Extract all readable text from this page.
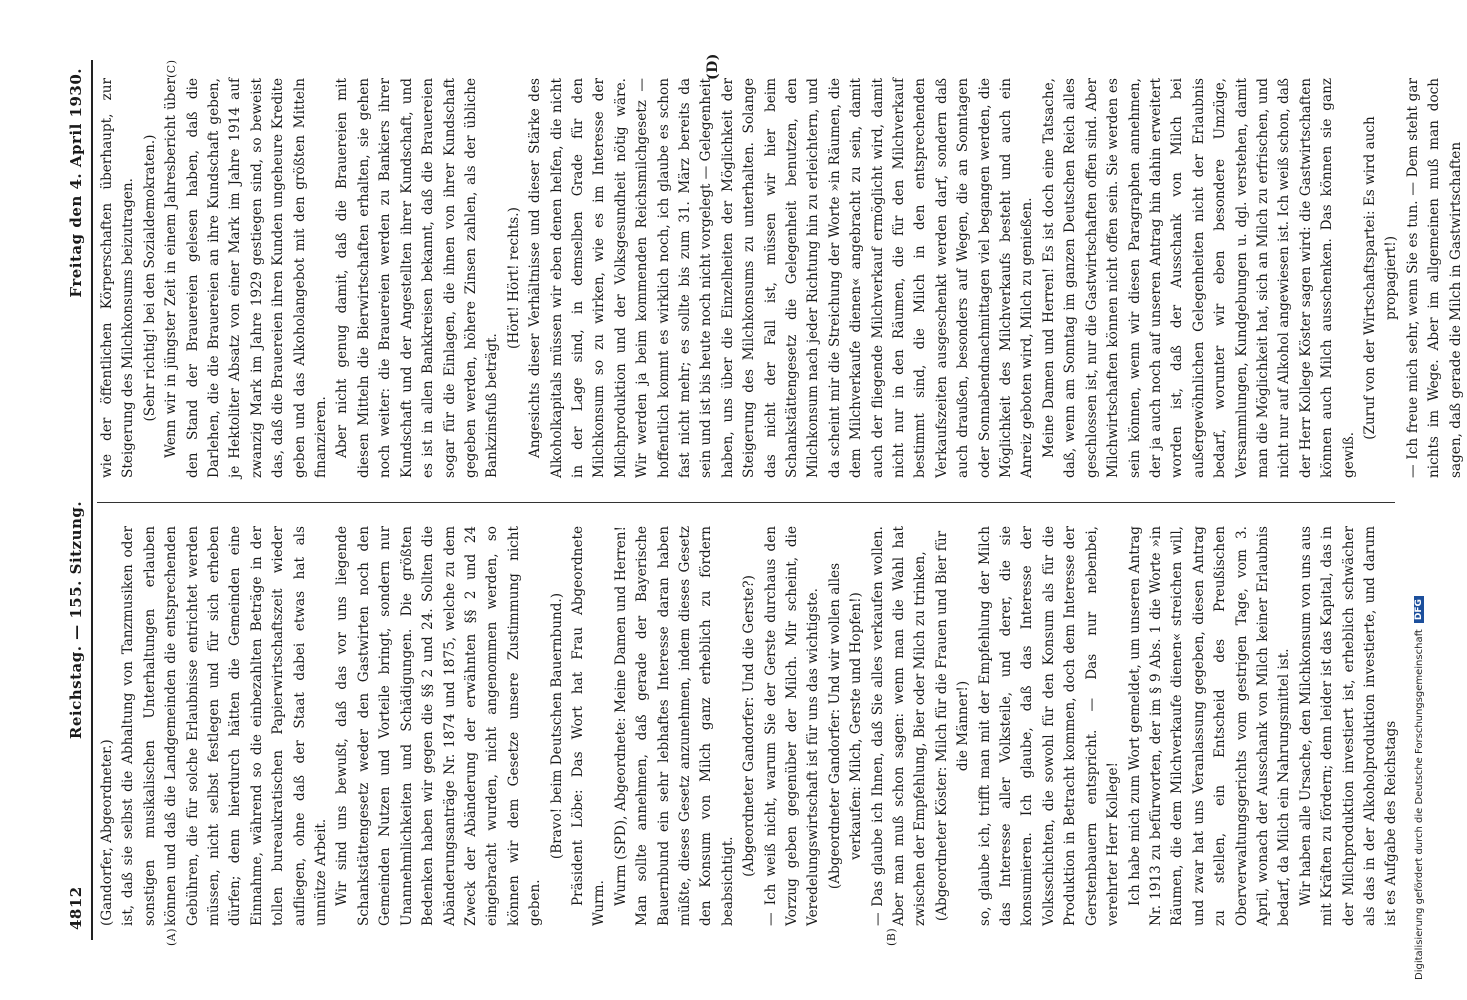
4812
Reichstag. — 155. Sitzung.
Freitag den 4. April 1930.
(A)	(B)
(C)	(D)

(Gandorfer, Abgeordneter.) ist, daß sie selbst die Abhaltung von Tanzmusiken oder sonstigen musikalischen Unterhaltungen erlauben können und daß die Landgemeinden die entsprechenden Gebühren, die für solche Erlaubnisse entrichtet werden müssen, nicht selbst festlegen und für sich erheben dürfen; denn hierdurch hätten die Gemeinden eine Einnahme, während so die einbezahlten Beträge in der tollen bureaukratischen Papierwirtschaftszeit wieder aufliegen, ohne daß der Staat dabei etwas hat als unnütze Arbeit. Wir sind uns bewußt, daß das vor uns liegende Schankstättengesetz weder den Gastwirten noch den Gemeinden Nutzen und Vorteile bringt, sondern nur Unannehmlichkeiten und Schädigungen. Die größten Bedenken haben wir gegen die §§ 2 und 24. Sollten die Abänderungsanträge Nr. 1874 und 1875, welche zu dem Zweck der Abänderung der erwähnten §§ 2 und 24 eingebracht wurden, nicht angenommen werden, so können wir dem Gesetze unsere Zustimmung nicht geben.

(Bravo! beim Deutschen Bauernbund.) Präsident Löbe: Das Wort hat Frau Abgeordnete Wurm. Wurm (SPD), Abgeordnete: Meine Damen und Herren! Man sollte annehmen, daß gerade der Bayerische Bauernbund ein sehr lebhaftes Interesse daran haben müßte, dieses Gesetz anzunehmen, indem dieses Gesetz den Konsum von Milch ganz erheblich zu fördern beabsichtigt.

(Abgeordneter Gandorfer: Und die Gerste?) — Ich weiß nicht, warum Sie der Gerste durchaus den Vorzug geben gegenüber der Milch. Mir scheint, die Veredelungswirtschaft ist für uns das wichtigste. (Abgeordneter Gandorfer: Und wir wollen alles verkaufen: Milch, Gerste und Hopfen!) — Das glaube ich Ihnen, daß Sie alles verkaufen wollen. Aber man muß schon sagen: wenn man die Wahl hat zwischen der Empfehlung, Bier oder Milch zu trinken, (Abgeordneter Köster: Milch für die Frauen und Bier für die Männer!) so, glaube ich, trifft man mit der Empfehlung der Milch das Interesse aller Volksteile, und derer, die sie konsumieren. Ich glaube, daß das Interesse der Volksschichten, die sowohl für den Konsum als für die Produktion in Betracht kommen, doch dem Interesse der Gerstenbauern entspricht. — Das nur nebenbei, verehrter Herr Kollege! Ich habe mich zum Wort gemeldet, um unseren Antrag Nr. 1913 zu befürworten, der im § 9 Abs. 1 die Worte »in Räumen, die dem Milchverkaufe dienen« streichen will, und zwar hat uns Veranlassung gegeben, diesen Antrag zu stellen, ein Entscheid des Preußischen Oberverwaltungsgerichts vom gestrigen Tage, vom 3. April, wonach der Ausschank von Milch keiner Erlaubnis bedarf, da Milch ein Nahrungsmittel ist. Wir haben alle Ursache, den Milchkonsum von uns aus mit Kräften zu fördern; denn leider ist das Kapital, das in der Milchproduktion investiert ist, erheblich schwächer als das in der Alkoholproduktion investierte, und darum ist es Aufgabe des Reichstags

wie der öffentlichen Körperschaften überhaupt, zur Steigerung des Milchkonsums beizutragen. (Sehr richtig! bei den Sozialdemokraten.) Wenn wir in jüngster Zeit in einem Jahresbericht über den Stand der Brauereien gelesen haben, daß die Darlehen, die die Brauereien an ihre Kundschaft geben, je Hektoliter Absatz von einer Mark im Jahre 1914 auf zwanzig Mark im Jahre 1929 gestiegen sind, so beweist das, daß die Brauereien ihren Kunden ungeheure Kredite geben und das Alkoholangebot mit den größten Mitteln finanzieren. Aber nicht genug damit, daß die Brauereien mit diesen Mitteln die Bierwirtschaften erhalten, sie gehen noch weiter: die Brauereien werden zu Bankiers ihrer Kundschaft und der Angestellten ihrer Kundschaft, und es ist in allen Bankkreisen bekannt, daß die Brauereien sogar für die Einlagen, die ihnen von ihrer Kundschaft gegeben werden, höhere Zinsen zahlen, als der übliche Bankzinsfuß beträgt.

(Hört! Hört! rechts.) Angesichts dieser Verhältnisse und dieser Stärke des Alkoholkapitals müssen wir eben denen helfen, die nicht in der Lage sind, in demselben Grade für den Milchkonsum so zu wirken, wie es im Interesse der Milchproduktion und der Volksgesundheit nötig wäre. Wir werden ja beim kommenden Reichsmilchgesetz — hoffentlich kommt es wirklich noch, ich glaube es schon fast nicht mehr; es sollte bis zum 31. März bereits da sein und ist bis heute noch nicht vorgelegt — Gelegenheit haben, uns über die Einzelheiten der Möglichkeit der Steigerung des Milchkonsums zu unterhalten. Solange das nicht der Fall ist, müssen wir hier beim Schankstättengesetz die Gelegenheit benutzen, den Milchkonsum nach jeder Richtung hin zu erleichtern, und da scheint mir die Streichung der Worte »in Räumen, die dem Milchverkaufe dienen« angebracht zu sein, damit auch der fliegende Milchverkauf ermöglicht wird, damit nicht nur in den Räumen, die für den Milchverkauf bestimmt sind, die Milch in den entsprechenden Verkaufszeiten ausgeschenkt werden darf, sondern daß auch draußen, besonders auf Wegen, die an Sonntagen oder Sonnabendnachmittagen viel begangen werden, die Möglichkeit des Milchverkaufs besteht und auch ein Anreiz geboten wird, Milch zu genießen. Meine Damen und Herren! Es ist doch eine Tatsache, daß, wenn am Sonntag im ganzen Deutschen Reich alles geschlossen ist, nur die Gastwirtschaften offen sind. Aber Milchwirtschaften können nicht offen sein. Sie werden es sein können, wenn wir diesen Paragraphen annehmen, der ja auch noch auf unseren Antrag hin dahin erweitert worden ist, daß der Ausschank von Milch bei außergewöhnlichen Gelegenheiten nicht der Erlaubnis bedarf, worunter wir eben besondere Umzüge, Versammlungen, Kundgebungen u. dgl. verstehen, damit man die Möglichkeit hat, sich an Milch zu erfrischen, und nicht nur auf Alkohol angewiesen ist. Ich weiß schon, daß der Herr Kollege Köster sagen wird: die Gastwirtschaften können auch Milch ausschenken. Das können sie ganz gewiß.

(Zuruf von der Wirtschaftspartei: Es wird auch propagiert!) — Ich freue mich sehr, wenn Sie es tun. — Dem steht gar nichts im Wege. Aber im allgemeinen muß man doch sagen, daß gerade die Milch in Gastwirtschaften

Digitalisierung gefördert durch die Deutsche Forschungsgemeinschaft
DFG
